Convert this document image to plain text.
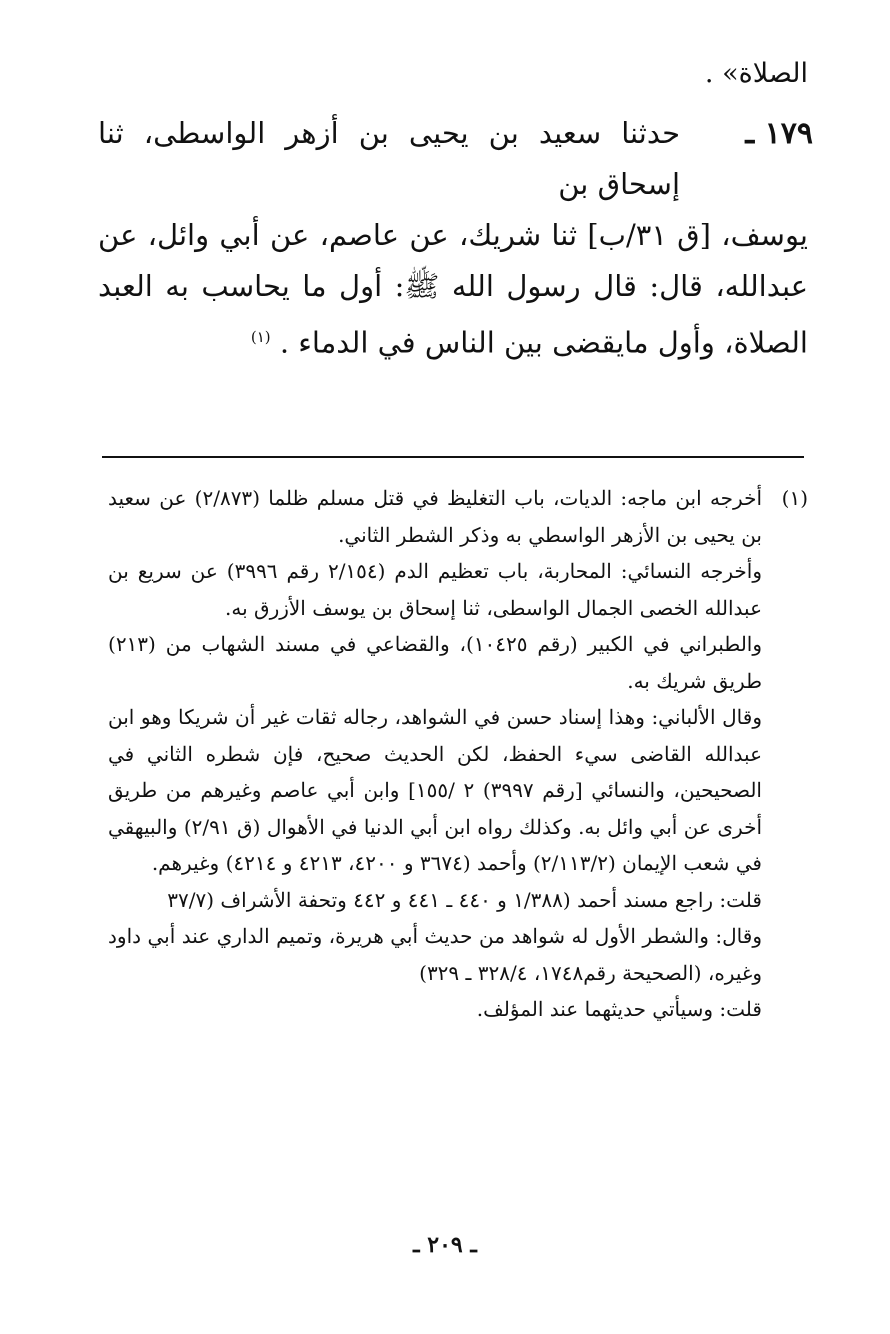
الصلاة» .
١٧٩ ـ
حدثنا سعيد بن يحيى بن أزهر الواسطى، ثنا إسحاق بن
يوسف، [ق ٣١/ب] ثنا شريك، عن عاصم، عن أبي وائل، عن عبدالله، قال: قال رسول الله ﷺ: أول ما يحاسب به العبد الصلاة، وأول مايقضى بين الناس في الدماء . $^{(١)}$

(١)
أخرجه ابن ماجه: الديات، باب التغليظ في قتل مسلم ظلما (٢/٨٧٣) عن سعيد بن يحيى بن الأزهر الواسطي به وذكر الشطر الثاني.

وأخرجه النسائي: المحاربة، باب تعظيم الدم (٢/١٥٤ رقم ٣٩٩٦) عن سريع بن عبدالله الخصى الجمال الواسطى، ثنا إسحاق بن يوسف الأزرق به.

والطبراني في الكبير (رقم ١٠٤٢٥)، والقضاعي في مسند الشهاب من (٢١٣) طريق شريك به.

وقال الألباني: وهذا إسناد حسن في الشواهد، رجاله ثقات غير أن شريكا وهو ابن عبدالله القاضى سيء الحفظ، لكن الحديث صحيح، فإن شطره الثاني في الصحيحين، والنسائي [رقم ٣٩٩٧) ٢ /١٥٥] وابن أبي عاصم وغيرهم من طريق أخرى عن أبي وائل به. وكذلك رواه ابن أبي الدنيا في الأهوال (ق ٢/٩١) والبيهقي في شعب الإيمان (٢/١١٣/٢) وأحمد (٣٦٧٤ و ٤٢٠٠، ٤٢١٣ و ٤٢١٤) وغيرهم.

قلت: راجع مسند أحمد (١/٣٨٨ و ٤٤٠ ـ ٤٤١ و ٤٤٢ وتحفة الأشراف (٣٧/٧

وقال: والشطر الأول له شواهد من حديث أبي هريرة، وتميم الداري عند أبي داود وغيره، (الصحيحة رقم١٧٤٨، ٣٢٨/٤ ـ ٣٢٩)

قلت: وسيأتي حديثهما عند المؤلف.

ـ ٢٠٩ ـ
